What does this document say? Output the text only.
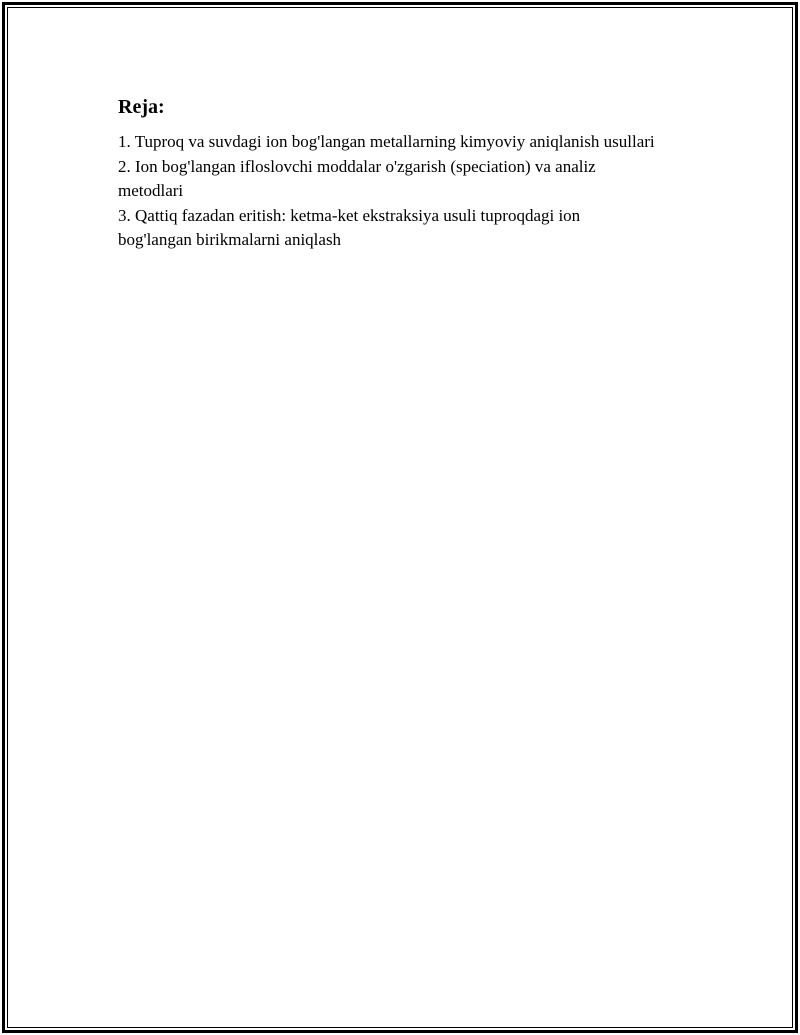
Reja:
1. Tuproq va suvdagi ion bog'langan metallarning kimyoviy aniqlanish usullari
2. Ion bog'langan ifloslovchi moddalar o'zgarish (speciation) va analiz metodlari
3. Qattiq fazadan eritish: ketma-ket ekstraksiya usuli tuproqdagi ion bog'langan birikmalarni aniqlash
